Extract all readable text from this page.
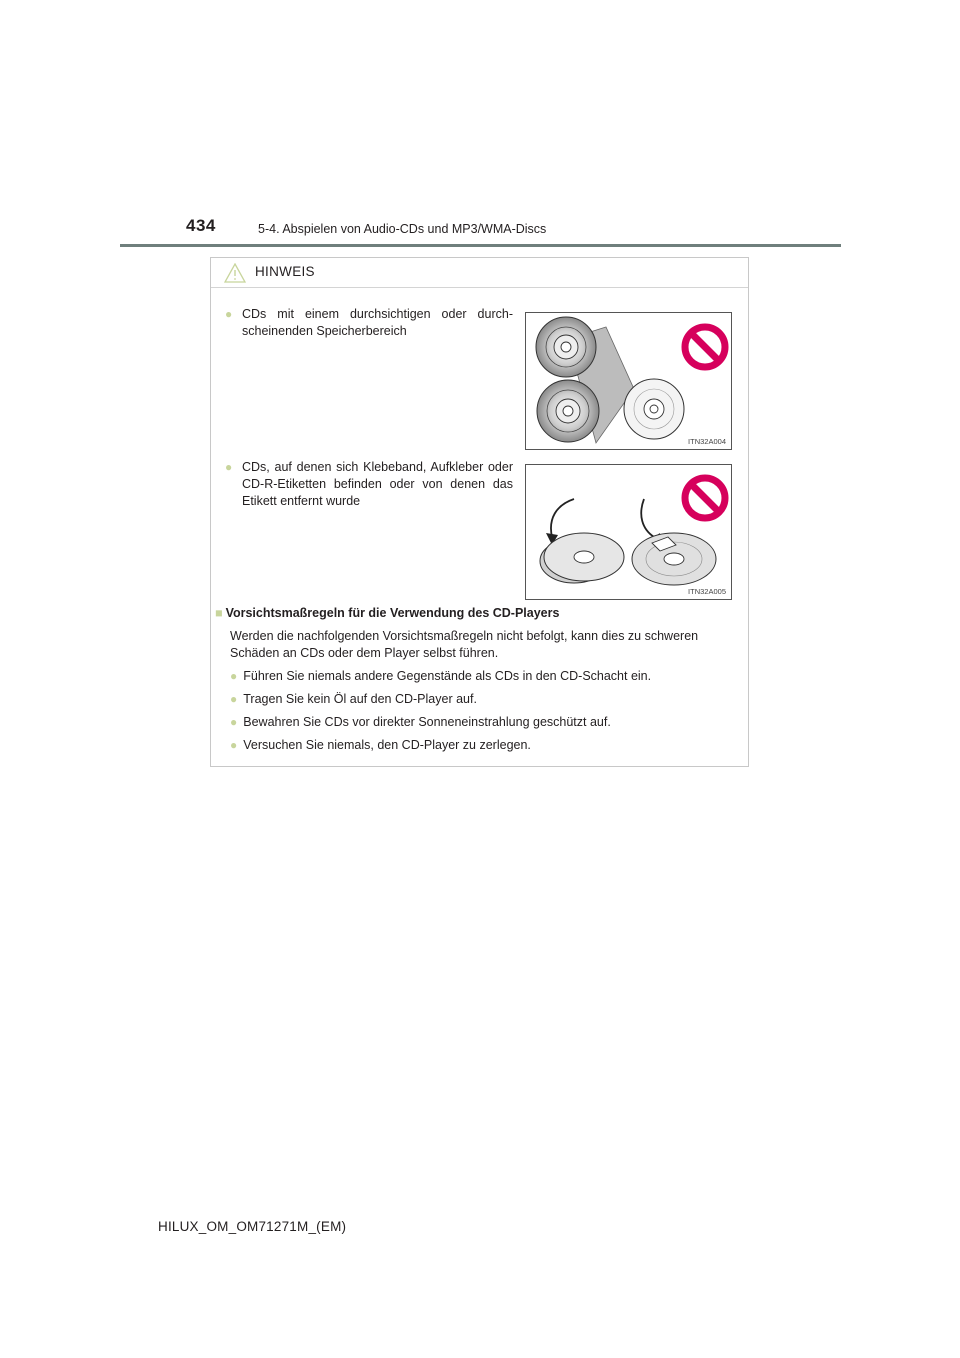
434	5-4. Abspielen von Audio-CDs und MP3/WMA-Discs
HINWEIS
● CDs mit einem durchsichtigen oder durch-scheinenden Speicherbereich
ITN32A004
● CDs, auf denen sich Klebeband, Aufkleber oder CD-R-Etiketten befinden oder von denen das Etikett entfernt wurde
ITN32A005
■ Vorsichtsmaßregeln für die Verwendung des CD-Players
Werden die nachfolgenden Vorsichtsmaßregeln nicht befolgt, kann dies zu schweren Schäden an CDs oder dem Player selbst führen.
● Führen Sie niemals andere Gegenstände als CDs in den CD-Schacht ein.
● Tragen Sie kein Öl auf den CD-Player auf.
● Bewahren Sie CDs vor direkter Sonneneinstrahlung geschützt auf.
● Versuchen Sie niemals, den CD-Player zu zerlegen.
HILUX_OM_OM71271M_(EM)
